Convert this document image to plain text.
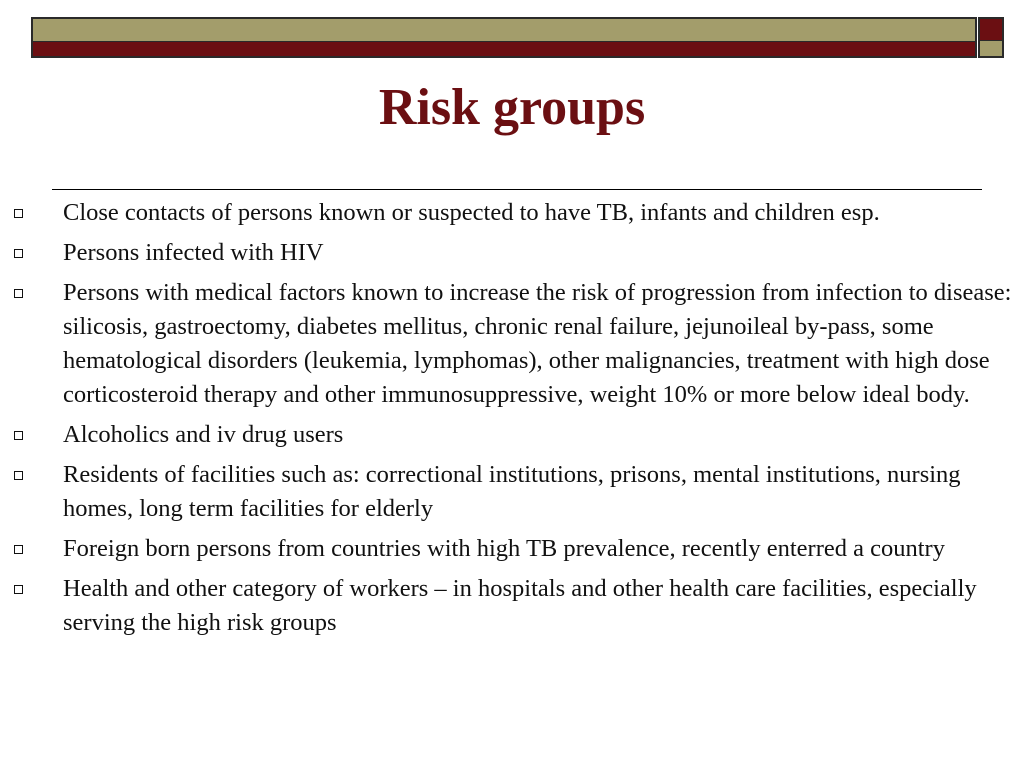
Risk groups
Close contacts of persons known or suspected to have TB, infants and children esp.
Persons infected with HIV
Persons with medical factors known to increase the risk of progression from infection to disease: silicosis, gastroectomy, diabetes mellitus, chronic renal failure, jejunoileal by-pass, some hematological disorders (leukemia, lymphomas), other malignancies, treatment with high dose corticosteroid therapy and other immunosuppressive, weight 10% or more below ideal body.
Alcoholics and iv drug users
Residents of facilities such as: correctional institutions, prisons, mental institutions, nursing homes, long term facilities for elderly
Foreign born persons from countries with high TB prevalence, recently enterred a country
Health and other category of workers – in hospitals and other health care facilities, especially serving the high risk groups
